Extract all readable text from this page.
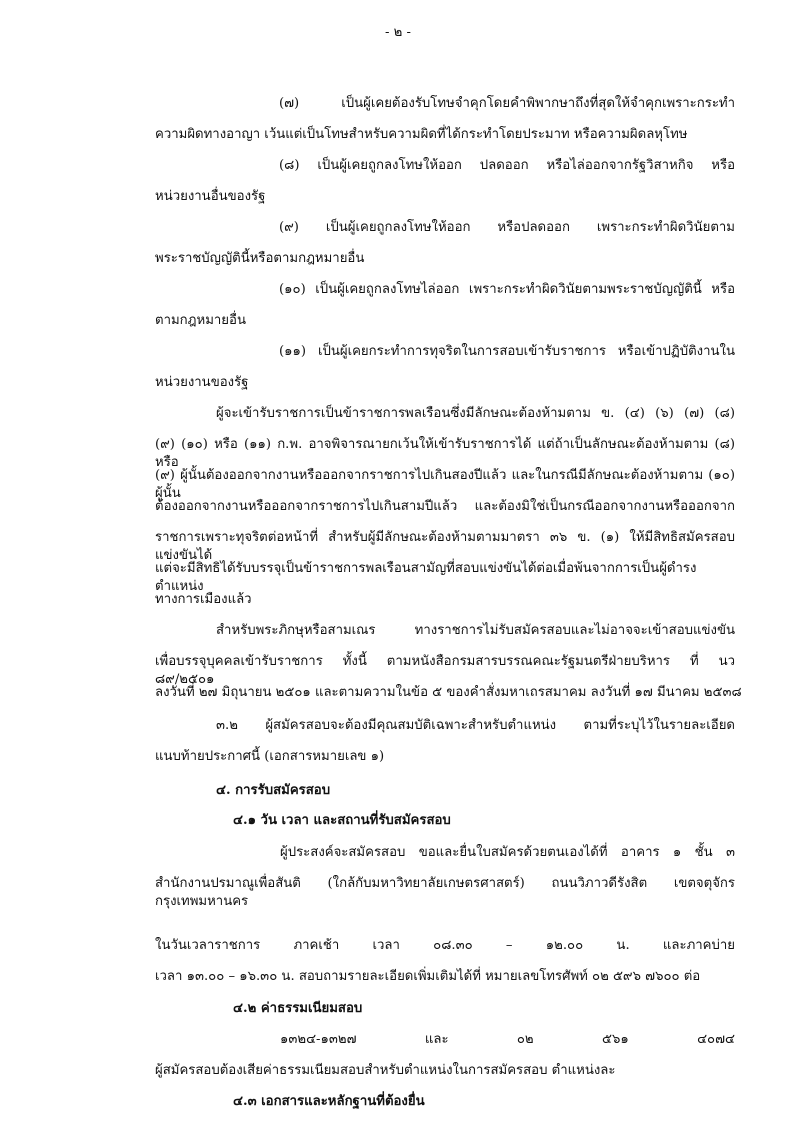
- ๒ -
(๗) เป็นผู้เคยต้องรับโทษจำคุกโดยคำพิพากษาถึงที่สุดให้จำคุกเพราะกระทำ
ความผิดทางอาญา เว้นแต่เป็นโทษสำหรับความผิดที่ได้กระทำโดยประมาท หรือความผิดลหุโทษ
(๘) เป็นผู้เคยถูกลงโทษให้ออก ปลดออก หรือไล่ออกจากรัฐวิสาหกิจ หรือ
หน่วยงานอื่นของรัฐ
(๙) เป็นผู้เคยถูกลงโทษให้ออก หรือปลดออก เพราะกระทำผิดวินัยตาม
พระราชบัญญัตินี้หรือตามกฎหมายอื่น
(๑๐) เป็นผู้เคยถูกลงโทษไล่ออก เพราะกระทำผิดวินัยตามพระราชบัญญัตินี้ หรือ
ตามกฎหมายอื่น
(๑๑) เป็นผู้เคยกระทำการทุจริตในการสอบเข้ารับราชการ หรือเข้าปฏิบัติงานใน
หน่วยงานของรัฐ
ผู้จะเข้ารับราชการเป็นข้าราชการพลเรือนซึ่งมีลักษณะต้องห้ามตาม ข. (๔) (๖) (๗) (๘)
(๙) (๑๐) หรือ (๑๑) ก.พ. อาจพิจารณายกเว้นให้เข้ารับราชการได้ แต่ถ้าเป็นลักษณะต้องห้ามตาม (๘) หรือ
(๙) ผู้นั้นต้องออกจากงานหรือออกจากราชการไปเกินสองปีแล้ว และในกรณีมีลักษณะต้องห้ามตาม (๑๐) ผู้นั้น
ต้องออกจากงานหรือออกจากราชการไปเกินสามปีแล้ว และต้องมิใช่เป็นกรณีออกจากงานหรือออกจาก
ราชการเพราะทุจริตต่อหน้าที่ สำหรับผู้มีลักษณะต้องห้ามตามมาตรา ๓๖ ข. (๑) ให้มีสิทธิสมัครสอบแข่งขันได้
แต่จะมีสิทธิได้รับบรรจุเป็นข้าราชการพลเรือนสามัญที่สอบแข่งขันได้ต่อเมื่อพ้นจากการเป็นผู้ดำรงตำแหน่ง
ทางการเมืองแล้ว
สำหรับพระภิกษุหรือสามเณร ทางราชการไม่รับสมัครสอบและไม่อาจจะเข้าสอบแข่งขัน
เพื่อบรรจุบุคคลเข้ารับราชการ ทั้งนี้ ตามหนังสือกรมสารบรรณคณะรัฐมนตรีฝ่ายบริหาร ที่ นว ๘๙/๒๕๐๑
ลงวันที่ ๒๗ มิถุนายน ๒๕๐๑ และตามความในข้อ ๕ ของคำสั่งมหาเถรสมาคม ลงวันที่ ๑๗ มีนาคม ๒๕๓๘
๓.๒ ผู้สมัครสอบจะต้องมีคุณสมบัติเฉพาะสำหรับตำแหน่ง ตามที่ระบุไว้ในรายละเอียด
แนบท้ายประกาศนี้ (เอกสารหมายเลข ๑)
๔. การรับสมัครสอบ
๔.๑ วัน เวลา และสถานที่รับสมัครสอบ
ผู้ประสงค์จะสมัครสอบ ขอและยื่นใบสมัครด้วยตนเองได้ที่ อาคาร ๑ ชั้น ๓
สำนักงานปรมาณูเพื่อสันติ (ใกล้กับมหาวิทยาลัยเกษตรศาสตร์) ถนนวิภาวดีรังสิต เขตจตุจักร กรุงเทพมหานคร
ในวันเวลาราชการ ภาคเช้า เวลา ๐๘.๓๐ – ๑๒.๐๐ น. และภาคบ่าย
เวลา ๑๓.๐๐ – ๑๖.๓๐ น. สอบถามรายละเอียดเพิ่มเติมได้ที่ หมายเลขโทรศัพท์ ๐๒ ๕๙๖ ๗๖๐๐ ต่อ
๔.๒ ค่าธรรมเนียมสอบ
๑๓๒๔-๑๓๒๗ และ ๐๒ ๕๖๑ ๔๐๗๔
ผู้สมัครสอบต้องเสียค่าธรรมเนียมสอบสำหรับตำแหน่งในการสมัครสอบ ตำแหน่งละ
๔.๓ เอกสารและหลักฐานที่ต้องยื่น
